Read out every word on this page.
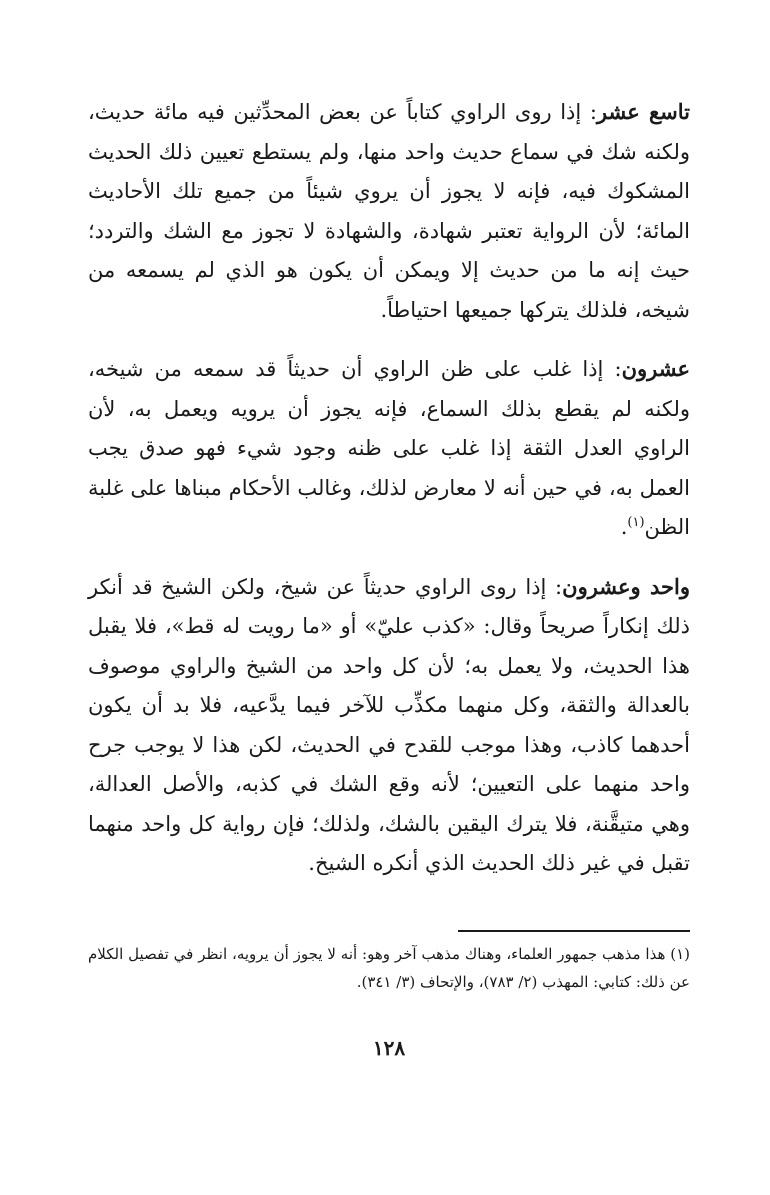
تاسع عشر: إذا روى الراوي كتاباً عن بعض المحدِّثين فيه مائة حديث، ولكنه شك في سماع حديث واحد منها، ولم يستطع تعيين ذلك الحديث المشكوك فيه، فإنه لا يجوز أن يروي شيئاً من جميع تلك الأحاديث المائة؛ لأن الرواية تعتبر شهادة، والشهادة لا تجوز مع الشك والتردد؛ حيث إنه ما من حديث إلا ويمكن أن يكون هو الذي لم يسمعه من شيخه، فلذلك يتركها جميعها احتياطاً.

عشرون: إذا غلب على ظن الراوي أن حديثاً قد سمعه من شيخه، ولكنه لم يقطع بذلك السماع، فإنه يجوز أن يرويه ويعمل به، لأن الراوي العدل الثقة إذا غلب على ظنه وجود شيء فهو صدق يجب العمل به، في حين أنه لا معارض لذلك، وغالب الأحكام مبناها على غلبة الظن$^{(١)}$.

واحد وعشرون: إذا روى الراوي حديثاً عن شيخ، ولكن الشيخ قد أنكر ذلك إنكاراً صريحاً وقال: «كذب عليّ» أو «ما رويت له قط»، فلا يقبل هذا الحديث، ولا يعمل به؛ لأن كل واحد من الشيخ والراوي موصوف بالعدالة والثقة، وكل منهما مكذِّب للآخر فيما يدَّعيه، فلا بد أن يكون أحدهما كاذب، وهذا موجب للقدح في الحديث، لكن هذا لا يوجب جرح واحد منهما على التعيين؛ لأنه وقع الشك في كذبه، والأصل العدالة، وهي متيقَّنة، فلا يترك اليقين بالشك، ولذلك؛ فإن رواية كل واحد منهما تقبل في غير ذلك الحديث الذي أنكره الشيخ.

(١) هذا مذهب جمهور العلماء، وهناك مذهب آخر وهو: أنه لا يجوز أن يرويه، انظر في تفصيل الكلام عن ذلك: كتابي: المهذب (٢/ ٧٨٣)، والإتحاف (٣/ ٣٤١).

١٢٨
